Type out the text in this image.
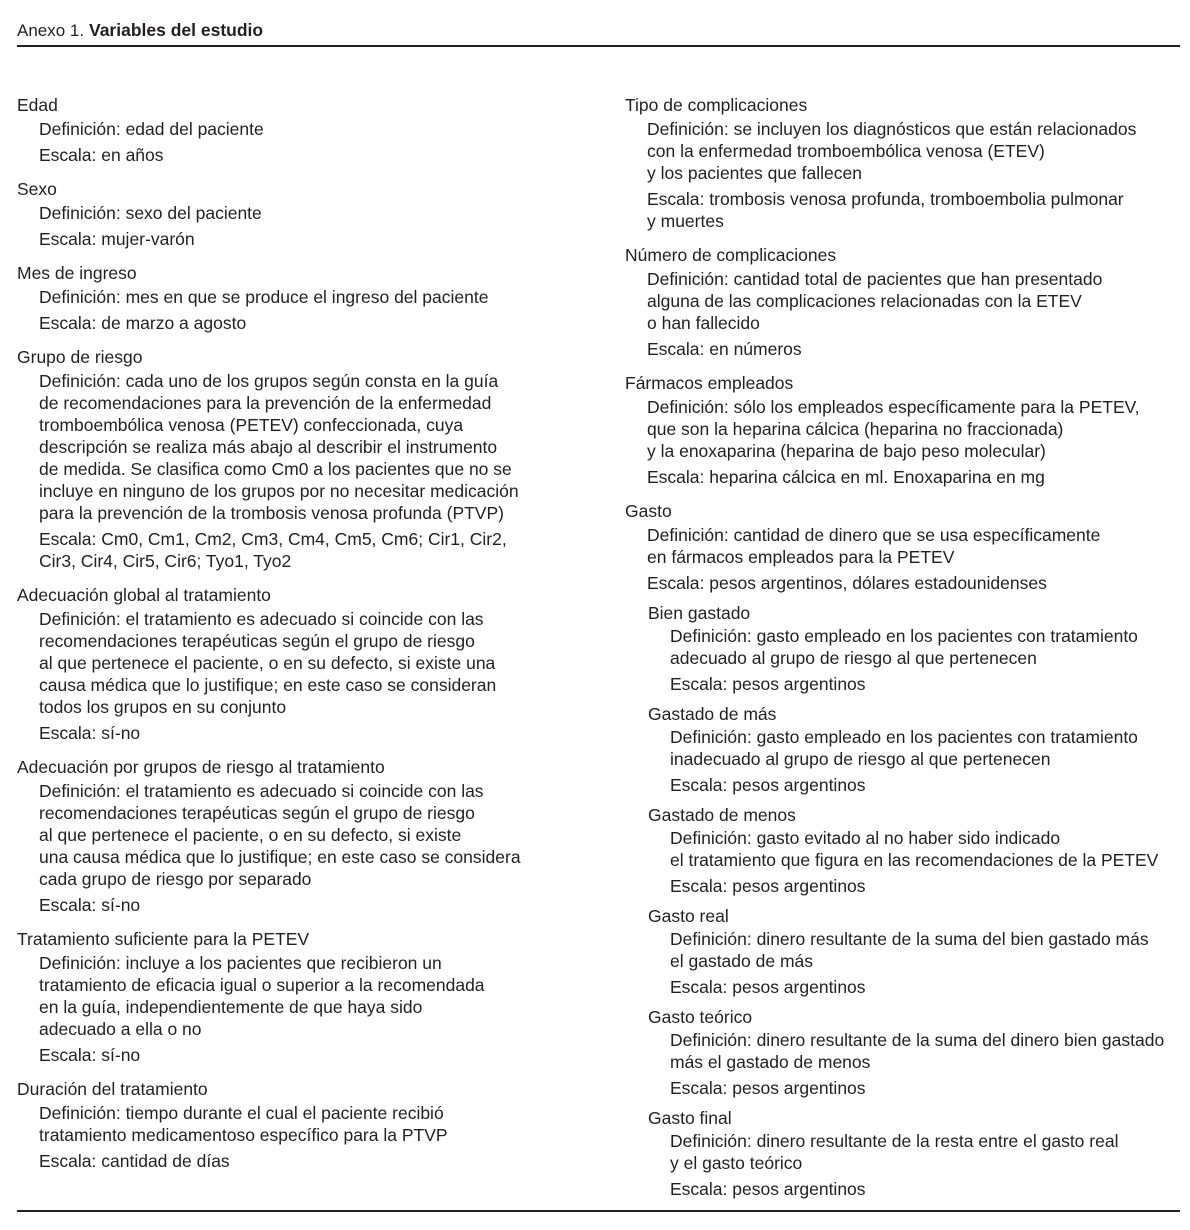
Anexo 1. Variables del estudio
Edad
Definición: edad del paciente
Escala: en años
Sexo
Definición: sexo del paciente
Escala: mujer-varón
Mes de ingreso
Definición: mes en que se produce el ingreso del paciente
Escala: de marzo a agosto
Grupo de riesgo
Definición: cada uno de los grupos según consta en la guía
de recomendaciones para la prevención de la enfermedad
tromboembólica venosa (PETEV) confeccionada, cuya
descripción se realiza más abajo al describir el instrumento
de medida. Se clasifica como Cm0 a los pacientes que no se
incluye en ninguno de los grupos por no necesitar medicación
para la prevención de la trombosis venosa profunda (PTVP)
Escala: Cm0, Cm1, Cm2, Cm3, Cm4, Cm5, Cm6; Cir1, Cir2,
Cir3, Cir4, Cir5, Cir6; Tyo1, Tyo2
Adecuación global al tratamiento
Definición: el tratamiento es adecuado si coincide con las
recomendaciones terapéuticas según el grupo de riesgo
al que pertenece el paciente, o en su defecto, si existe una
causa médica que lo justifique; en este caso se consideran
todos los grupos en su conjunto
Escala: sí-no
Adecuación por grupos de riesgo al tratamiento
Definición: el tratamiento es adecuado si coincide con las
recomendaciones terapéuticas según el grupo de riesgo
al que pertenece el paciente, o en su defecto, si existe
una causa médica que lo justifique; en este caso se considera
cada grupo de riesgo por separado
Escala: sí-no
Tratamiento suficiente para la PETEV
Definición: incluye a los pacientes que recibieron un
tratamiento de eficacia igual o superior a la recomendada
en la guía, independientemente de que haya sido
adecuado a ella o no
Escala: sí-no
Duración del tratamiento
Definición: tiempo durante el cual el paciente recibió
tratamiento medicamentoso específico para la PTVP
Escala: cantidad de días
Tipo de complicaciones
Definición: se incluyen los diagnósticos que están relacionados
con la enfermedad tromboembólica venosa (ETEV)
y los pacientes que fallecen
Escala: trombosis venosa profunda, tromboembolia pulmonar
y muertes
Número de complicaciones
Definición: cantidad total de pacientes que han presentado
alguna de las complicaciones relacionadas con la ETEV
o han fallecido
Escala: en números
Fármacos empleados
Definición: sólo los empleados específicamente para la PETEV,
que son la heparina cálcica (heparina no fraccionada)
y la enoxaparina (heparina de bajo peso molecular)
Escala: heparina cálcica en ml. Enoxaparina en mg
Gasto
Definición: cantidad de dinero que se usa específicamente
en fármacos empleados para la PETEV
Escala: pesos argentinos, dólares estadounidenses
Bien gastado
Definición: gasto empleado en los pacientes con tratamiento
adecuado al grupo de riesgo al que pertenecen
Escala: pesos argentinos
Gastado de más
Definición: gasto empleado en los pacientes con tratamiento
inadecuado al grupo de riesgo al que pertenecen
Escala: pesos argentinos
Gastado de menos
Definición: gasto evitado al no haber sido indicado
el tratamiento que figura en las recomendaciones de la PETEV
Escala: pesos argentinos
Gasto real
Definición: dinero resultante de la suma del bien gastado más
el gastado de más
Escala: pesos argentinos
Gasto teórico
Definición: dinero resultante de la suma del dinero bien gastado
más el gastado de menos
Escala: pesos argentinos
Gasto final
Definición: dinero resultante de la resta entre el gasto real
y el gasto teórico
Escala: pesos argentinos
